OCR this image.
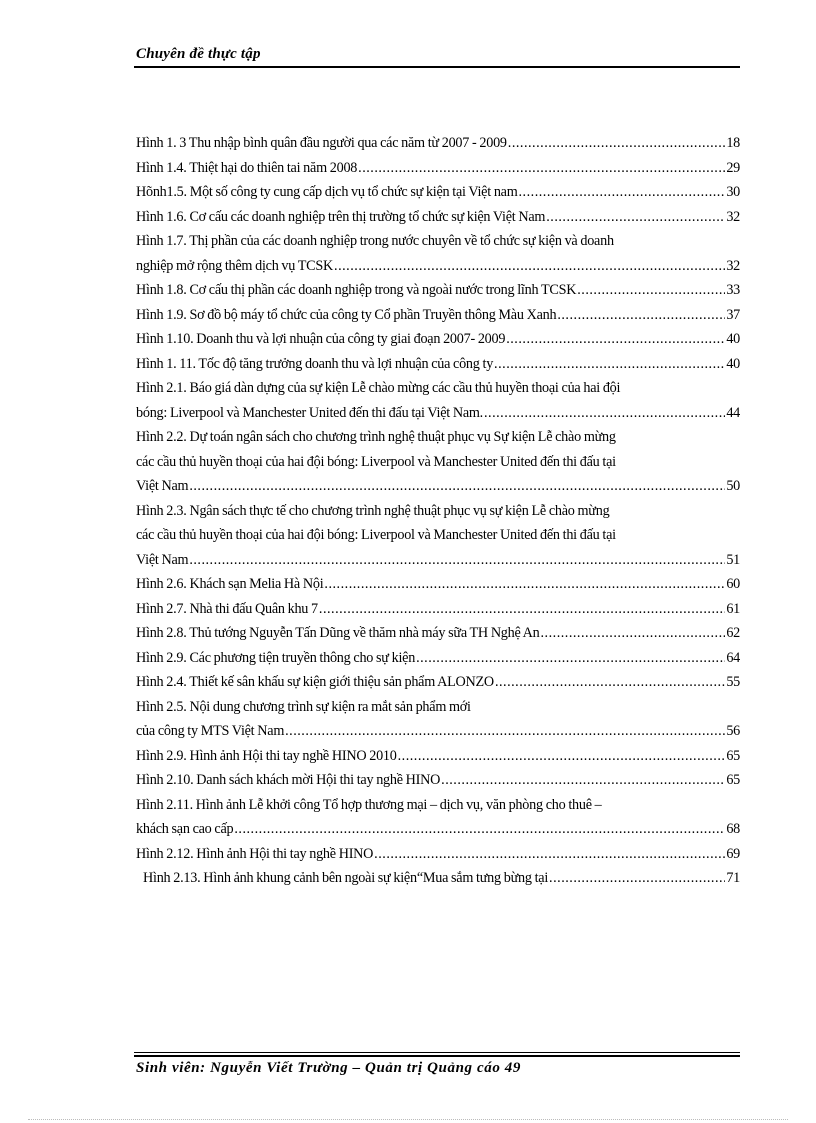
Chuyên đề thực tập
Hình 1. 3 Thu nhập bình quân đầu người qua các năm từ 2007 - 2009 .....	18
Hình 1.4. Thiệt hại do thiên tai năm 2008 .....	29
Hõnh1.5. Một số công ty cung cấp dịch vụ tổ chức sự kiện tại Việt nam .....	30
Hình 1.6. Cơ cấu các doanh nghiệp trên thị trường tổ chức sự kiện Việt Nam .....	32
Hình 1.7. Thị phần của các doanh nghiệp trong nước chuyên về tổ chức sự kiện và doanh
nghiệp mở rộng thêm dịch vụ TCSK .....	32
Hình 1.8. Cơ cấu thị phần các doanh nghiệp trong và ngoài nước trong lĩnh TCSK .....	33
Hình 1.9. Sơ đồ bộ máy tổ chức của công ty Cổ phần Truyền thông Màu Xanh .....	37
Hình 1.10. Doanh thu và lợi nhuận của công ty giai đoạn 2007- 2009 .....	40
Hình 1. 11. Tốc độ tăng trưởng doanh thu và lợi nhuận của công ty .....	40
Hình 2.1. Báo giá dàn dựng của sự kiện Lễ chào mừng các cầu thủ huyền thoại của hai đội
bóng: Liverpool và Manchester United đến thi đấu tại Việt Nam. .....	44
Hình 2.2. Dự toán ngân sách cho chương trình nghệ thuật phục vụ Sự kiện Lễ chào mừng
các cầu thủ huyền thoại của hai đội bóng: Liverpool và Manchester United đến thi đấu tại
Việt Nam .....	50
Hình 2.3. Ngân sách thực tế cho chương trình nghệ thuật phục vụ sự kiện Lễ chào mừng
các cầu thủ huyền thoại của hai đội bóng: Liverpool và Manchester United đến thi đấu tại
Việt Nam .....	51
Hình 2.6. Khách sạn Melia Hà Nội .....	60
Hình 2.7. Nhà thi đấu Quân khu 7 .....	61
Hình 2.8. Thủ tướng Nguyễn Tấn Dũng về thăm nhà máy sữa TH Nghệ An .....	62
Hình 2.9. Các phương tiện truyền thông cho sự kiện .....	64
Hình 2.4. Thiết kế sân khấu sự kiện giới thiệu sản phẩm ALONZO .....	55
Hình 2.5. Nội dung chương trình sự kiện ra mắt sản phẩm mới
của công ty MTS Việt Nam .....	56
Hình 2.9. Hình ảnh Hội thi tay nghề HINO 2010 .....	65
Hình 2.10. Danh sách khách mời Hội thi tay nghề HINO .....	65
Hình 2.11. Hình ảnh Lễ khởi công Tổ hợp thương mại – dịch vụ, văn phòng cho thuê –
khách sạn cao cấp .....	68
Hình 2.12. Hình ảnh Hội thi tay nghề HINO .....	69
Hình 2.13. Hình ảnh khung cảnh bên ngoài sự kiện“Mua sắm tưng bừng tại .....	71
Sinh viên: Nguyễn Viết Trường – Quản trị Quảng cáo 49
